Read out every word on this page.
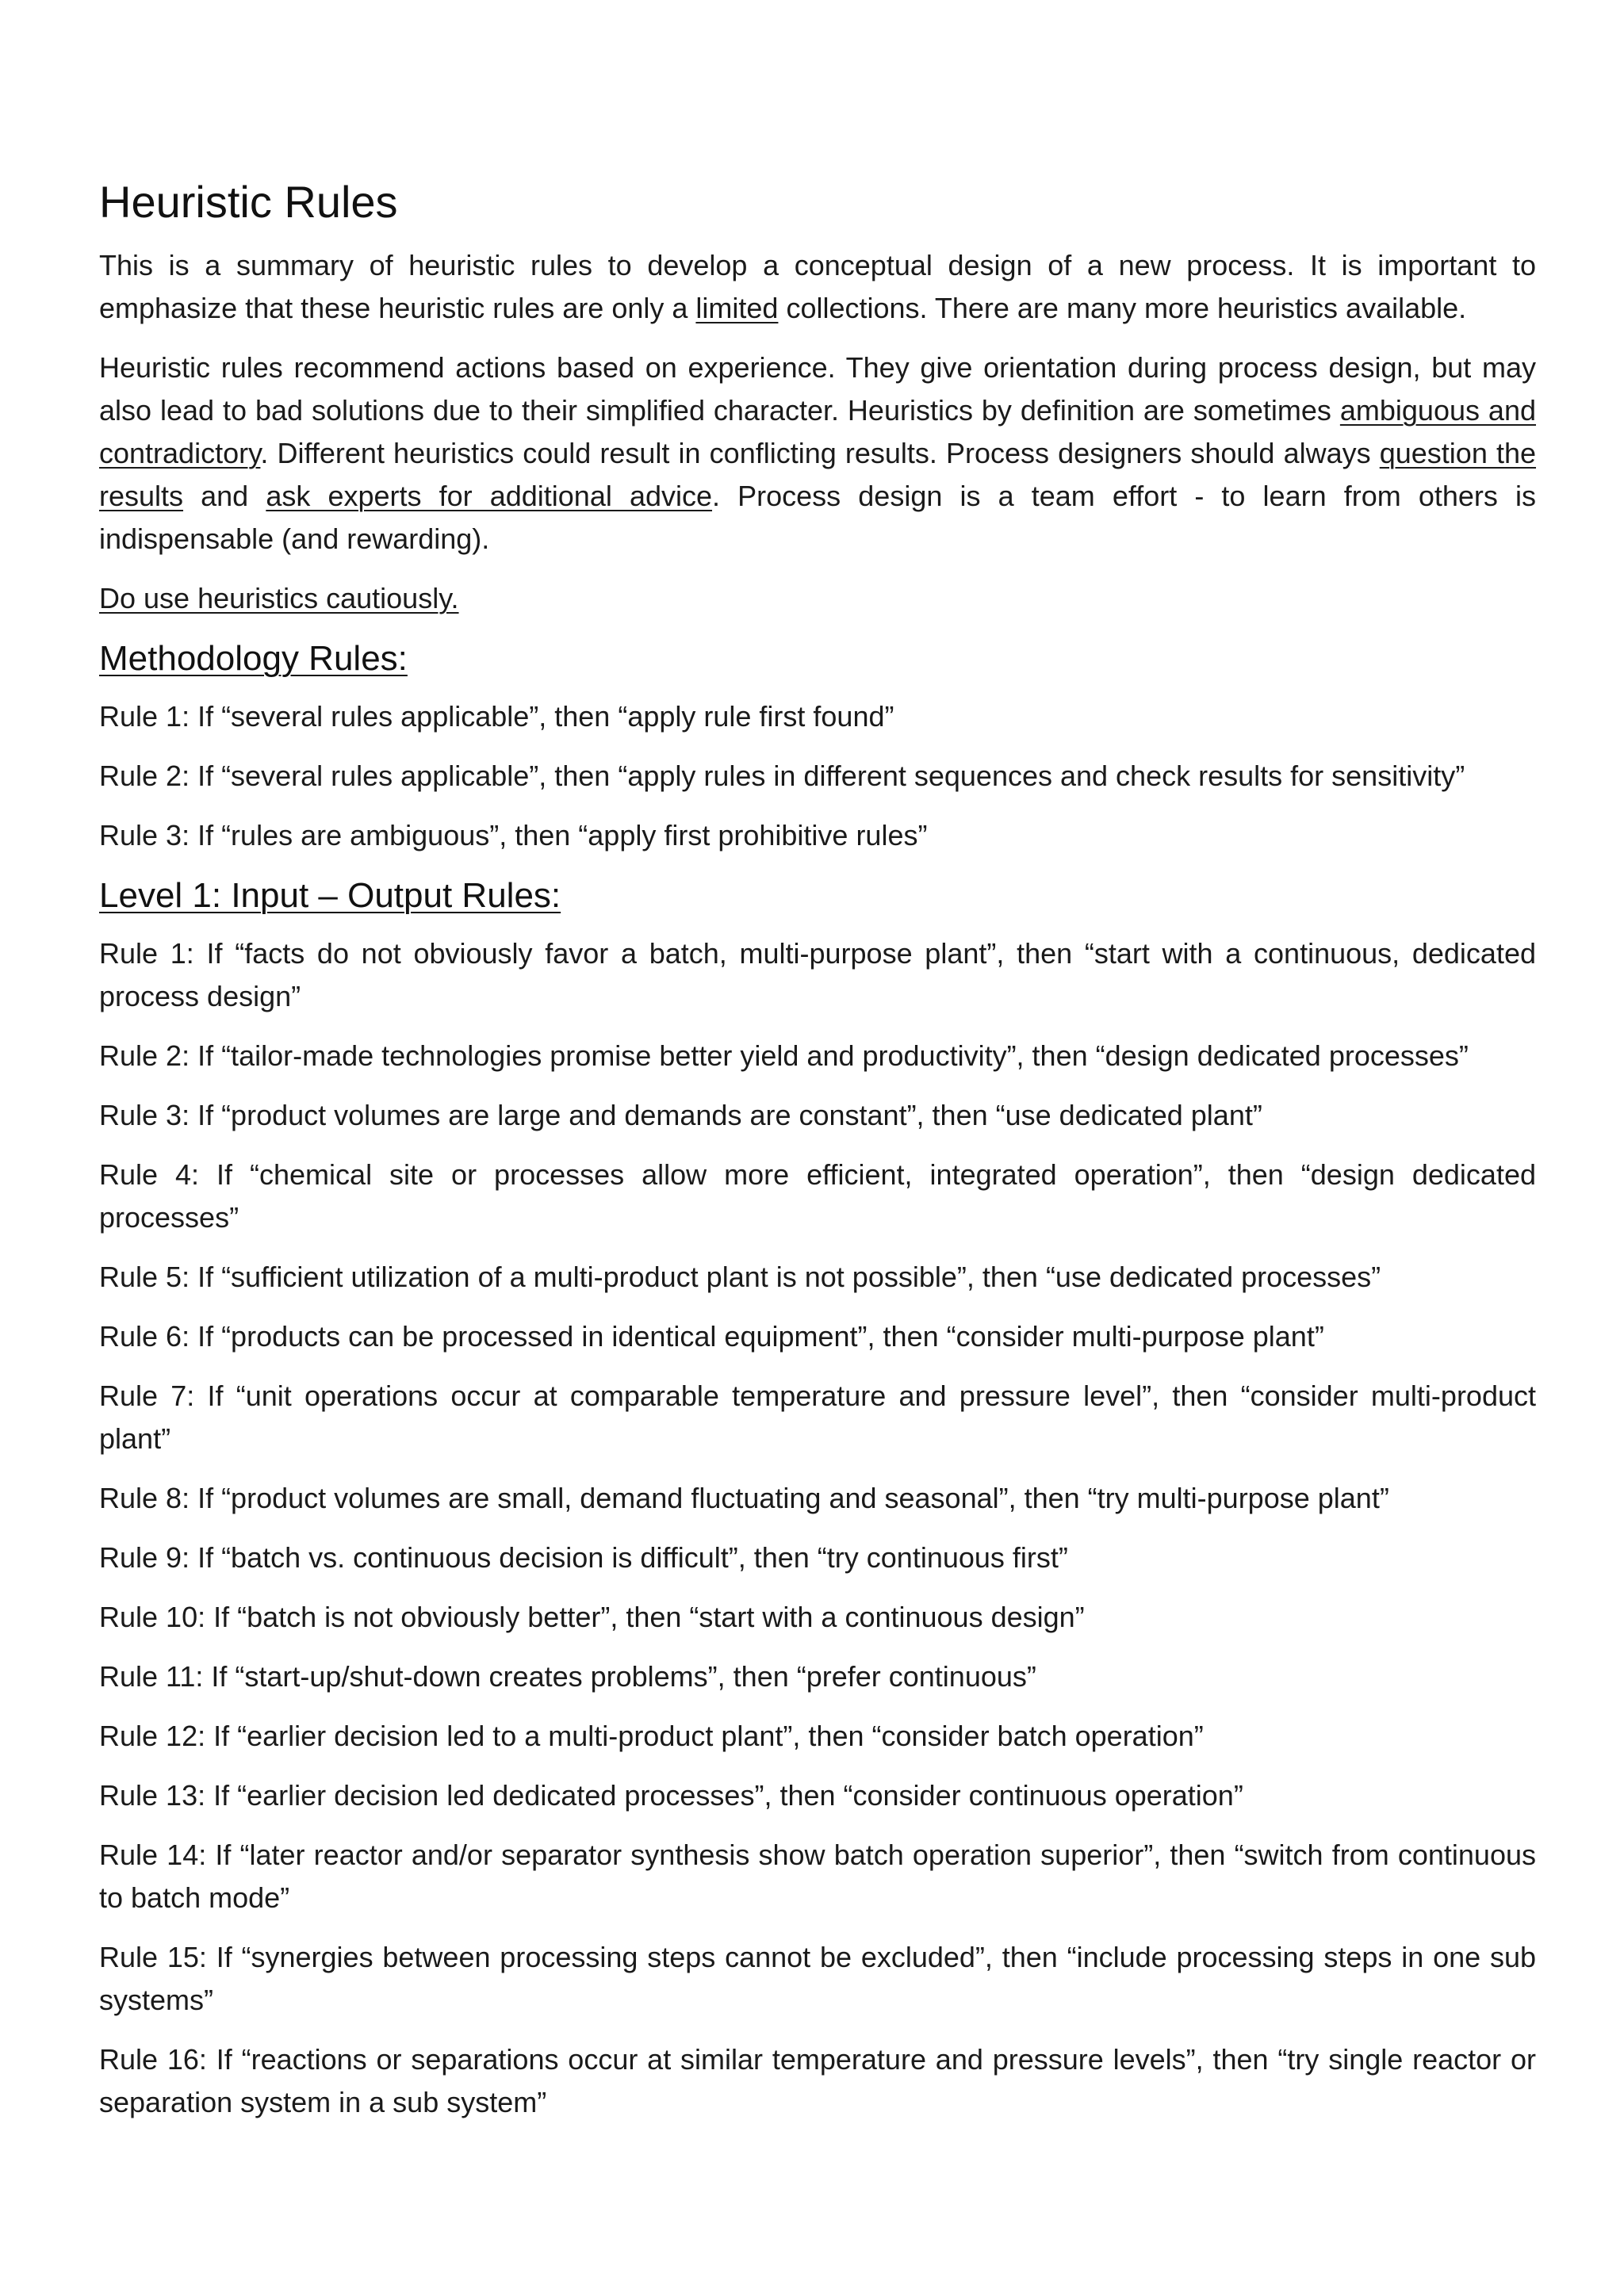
Heuristic Rules

This is a summary of heuristic rules to develop a conceptual design of a new process. It is important to emphasize that these heuristic rules are only a limited collections. There are many more heuristics available.

Heuristic rules recommend actions based on experience. They give orientation during process design, but may also lead to bad solutions due to their simplified character. Heuristics by definition are sometimes ambiguous and contradictory. Different heuristics could result in conflicting results. Process designers should always question the results and ask experts for additional advice. Process design is a team effort - to learn from others is indispensable (and rewarding).

Do use heuristics cautiously.

Methodology Rules:
Rule 1: If “several rules applicable”, then “apply rule first found”
Rule 2: If “several rules applicable”, then “apply rules in different sequences and check results for sensitivity”
Rule 3: If “rules are ambiguous”, then “apply first prohibitive rules”
Level 1: Input – Output Rules:
Rule 1: If “facts do not obviously favor a batch, multi-purpose plant”, then “start with a continuous, dedicated process design”
Rule 2: If “tailor-made technologies promise better yield and productivity”, then “design dedicated processes”
Rule 3: If “product volumes are large and demands are constant”, then “use dedicated plant”
Rule 4: If “chemical site or processes allow more efficient, integrated operation”, then “design dedicated processes”
Rule 5: If “sufficient utilization of a multi-product plant is not possible”, then “use dedicated processes”
Rule 6: If “products can be processed in identical equipment”, then “consider multi-purpose plant”
Rule 7: If “unit operations occur at comparable temperature and pressure level”, then “consider multi-product plant”
Rule 8: If “product volumes are small, demand fluctuating and seasonal”, then “try multi-purpose plant”
Rule 9: If “batch vs. continuous decision is difficult”, then “try continuous first”
Rule 10: If “batch is not obviously better”, then “start with a continuous design”
Rule 11: If “start-up/shut-down creates problems”, then “prefer continuous”
Rule 12: If “earlier decision led to a multi-product plant”, then “consider batch operation”
Rule 13: If “earlier decision led dedicated processes”, then “consider continuous operation”
Rule 14: If “later reactor and/or separator synthesis show batch operation superior”, then “switch from continuous to batch mode”
Rule 15: If “synergies between processing steps cannot be excluded”, then “include processing steps in one sub systems”
Rule 16: If “reactions or separations occur at similar temperature and pressure levels”, then “try single reactor or separation system in a sub system”
